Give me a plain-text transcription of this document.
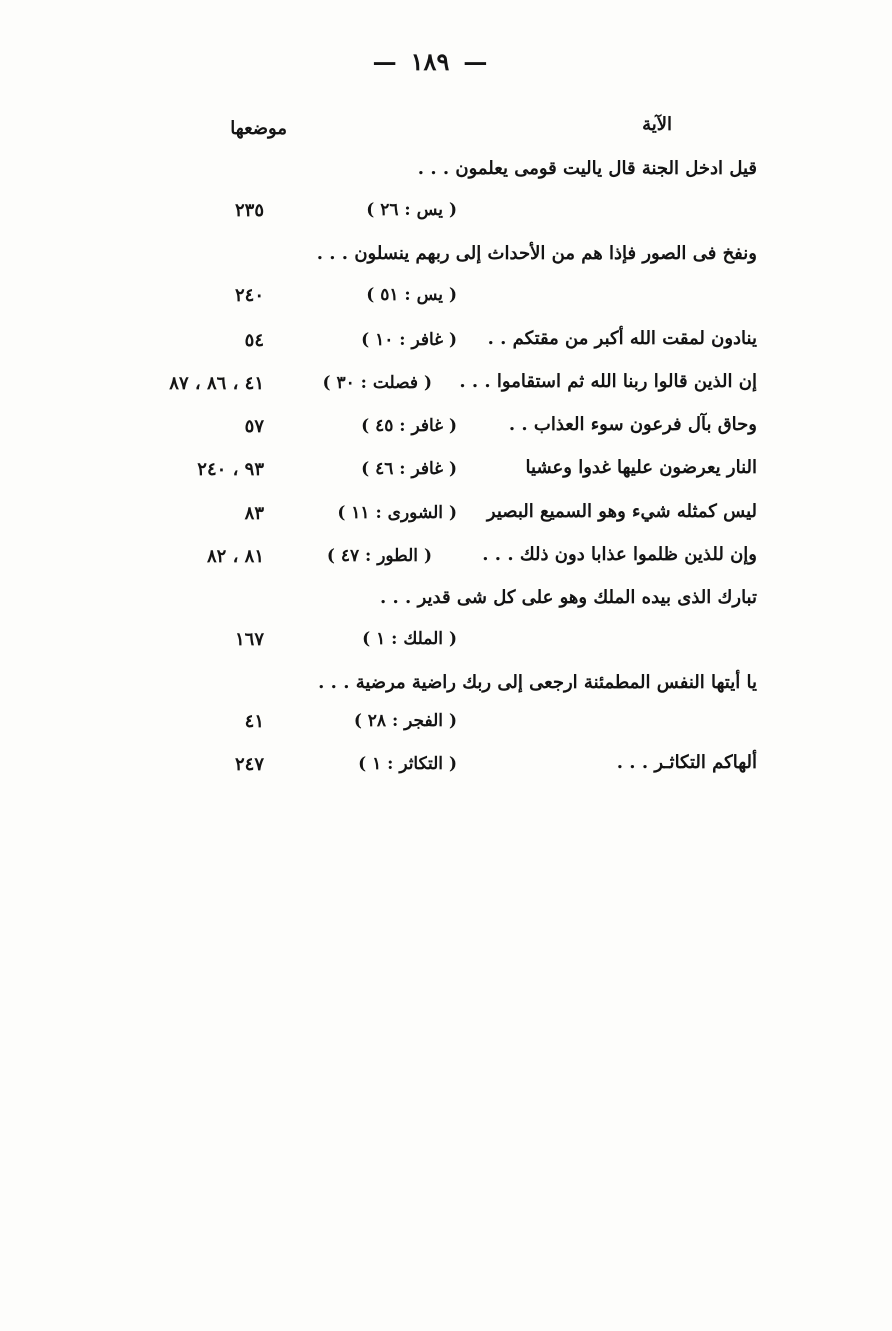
— ١٨٩ —
الآية
موضعها
قيل ادخل الجنة قال ياليت قومى يعلمون . . .
( يس : ٢٦ )
٢٣٥
ونفخ فى الصور فإذا هم من الأحداث إلى ربهم ينسلون . . .
( يس : ٥١ )
٢٤٠
ينادون لمقت الله أكبر من مقتكم . .
( غافر : ١٠ )
٥٤
إن الذين قالوا ربنا الله ثم استقاموا . . .
( فصلت : ٣٠ )
٤١ ، ٨٦ ، ٨٧
وحاق بآل فرعون سوء العذاب . .
( غافر : ٤٥ )
٥٧
النار يعرضون عليها غدوا وعشيا
( غافر : ٤٦ )
٩٣ ، ٢٤٠
ليس كمثله شيء وهو السميع البصير
( الشورى : ١١ )
٨٣
وإن للذين ظلموا عذابا دون ذلك . . .
( الطور : ٤٧ )
٨١ ، ٨٢
تبارك الذى بيده الملك وهو على كل شى قدير . . .
( الملك : ١ )
١٦٧
يا أيتها النفس المطمئنة ارجعى إلى ربك راضية مرضية . . .
( الفجر : ٢٨ )
٤١
ألهاكم التكاثـر . . .
( التكاثر : ١ )
٢٤٧
